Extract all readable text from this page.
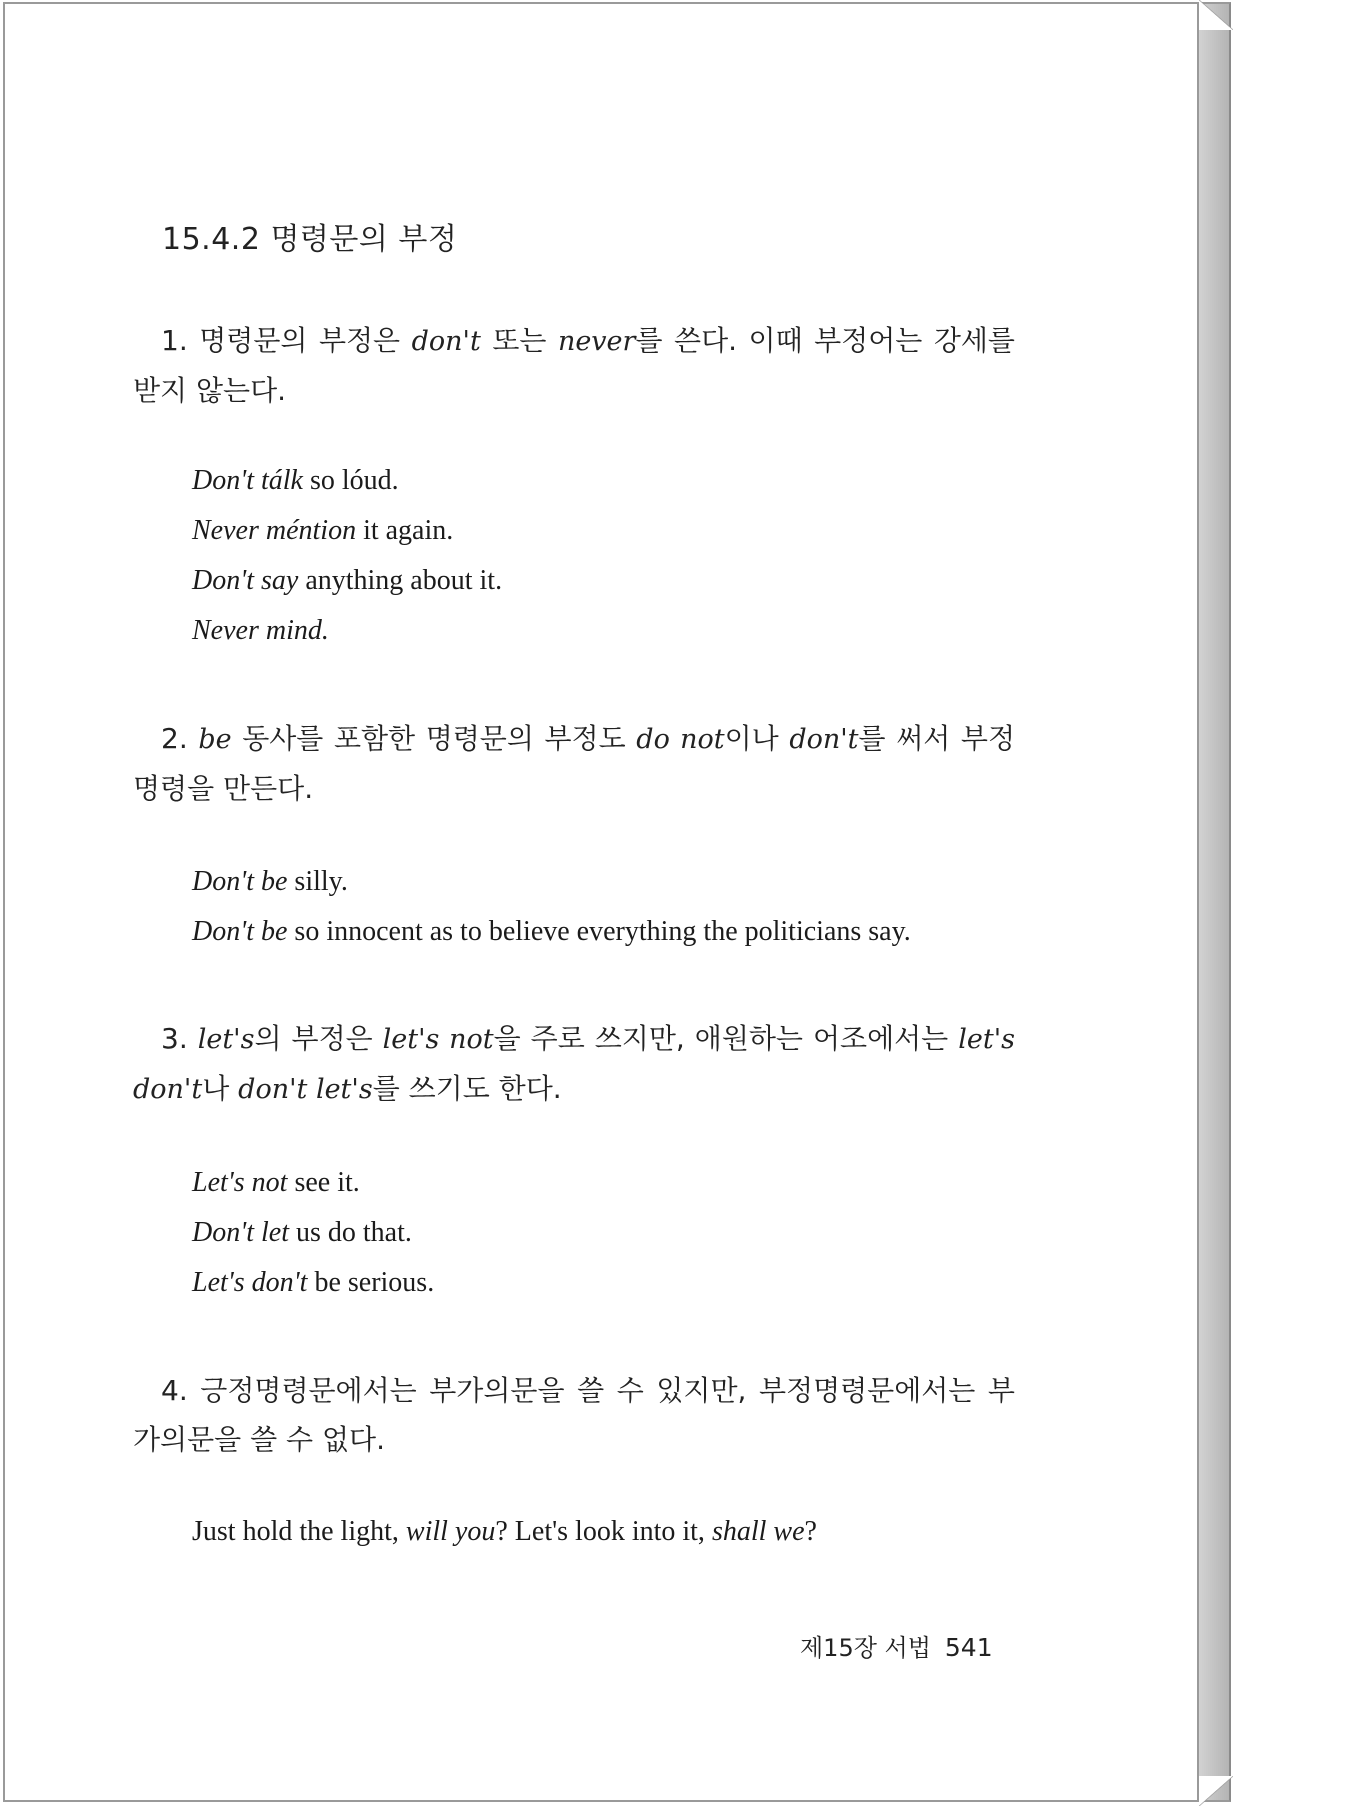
15.4.2 명령문의 부정

1. 명령문의 부정은 don't 또는 never를 쓴다. 이때 부정어는 강세를 받지 않는다.

Don't tálk so lóud.

Never méntion it again.

Don't say anything about it.

Never mind.

2. be 동사를 포함한 명령문의 부정도 do not이나 don't를 써서 부정 명령을 만든다.

Don't be silly.

Don't be so innocent as to believe everything the politicians say.

3. let's의 부정은 let's not을 주로 쓰지만, 애원하는 어조에서는 let's don't나 don't let's를 쓰기도 한다.

Let's not see it.

Don't let us do that.

Let's don't be serious.

4. 긍정명령문에서는 부가의문을 쓸 수 있지만, 부정명령문에서는 부가의문을 쓸 수 없다.

Just hold the light, will you? Let's look into it, shall we?

제15장 서법 541
